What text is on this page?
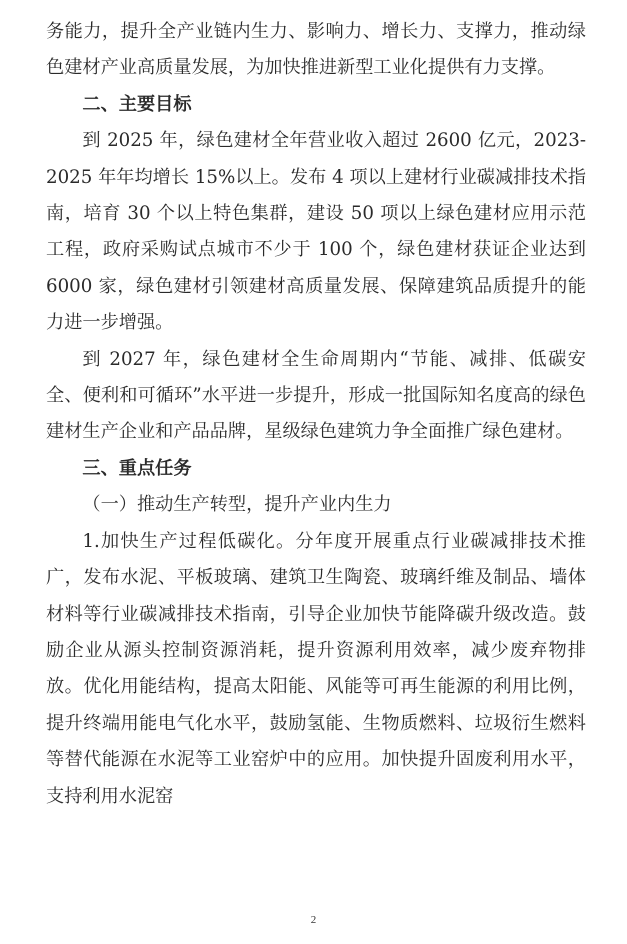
务能力，提升全产业链内生力、影响力、增长力、支撑力，推动绿色建材产业高质量发展，为加快推进新型工业化提供有力支撑。

二、主要目标

到 2025 年，绿色建材全年营业收入超过 2600 亿元，2023-2025 年年均增长 15%以上。发布 4 项以上建材行业碳减排技术指南，培育 30 个以上特色集群，建设 50 项以上绿色建材应用示范工程，政府采购试点城市不少于 100 个，绿色建材获证企业达到 6000 家，绿色建材引领建材高质量发展、保障建筑品质提升的能力进一步增强。

到 2027 年，绿色建材全生命周期内“节能、减排、低碳安全、便利和可循环”水平进一步提升，形成一批国际知名度高的绿色建材生产企业和产品品牌，星级绿色建筑力争全面推广绿色建材。

三、重点任务

（一）推动生产转型，提升产业内生力

1.加快生产过程低碳化。分年度开展重点行业碳减排技术推广，发布水泥、平板玻璃、建筑卫生陶瓷、玻璃纤维及制品、墙体材料等行业碳减排技术指南，引导企业加快节能降碳升级改造。鼓励企业从源头控制资源消耗，提升资源利用效率，减少废弃物排放。优化用能结构，提高太阳能、风能等可再生能源的利用比例，提升终端用能电气化水平，鼓励氢能、生物质燃料、垃圾衍生燃料等替代能源在水泥等工业窑炉中的应用。加快提升固废利用水平，支持利用水泥窑

2
